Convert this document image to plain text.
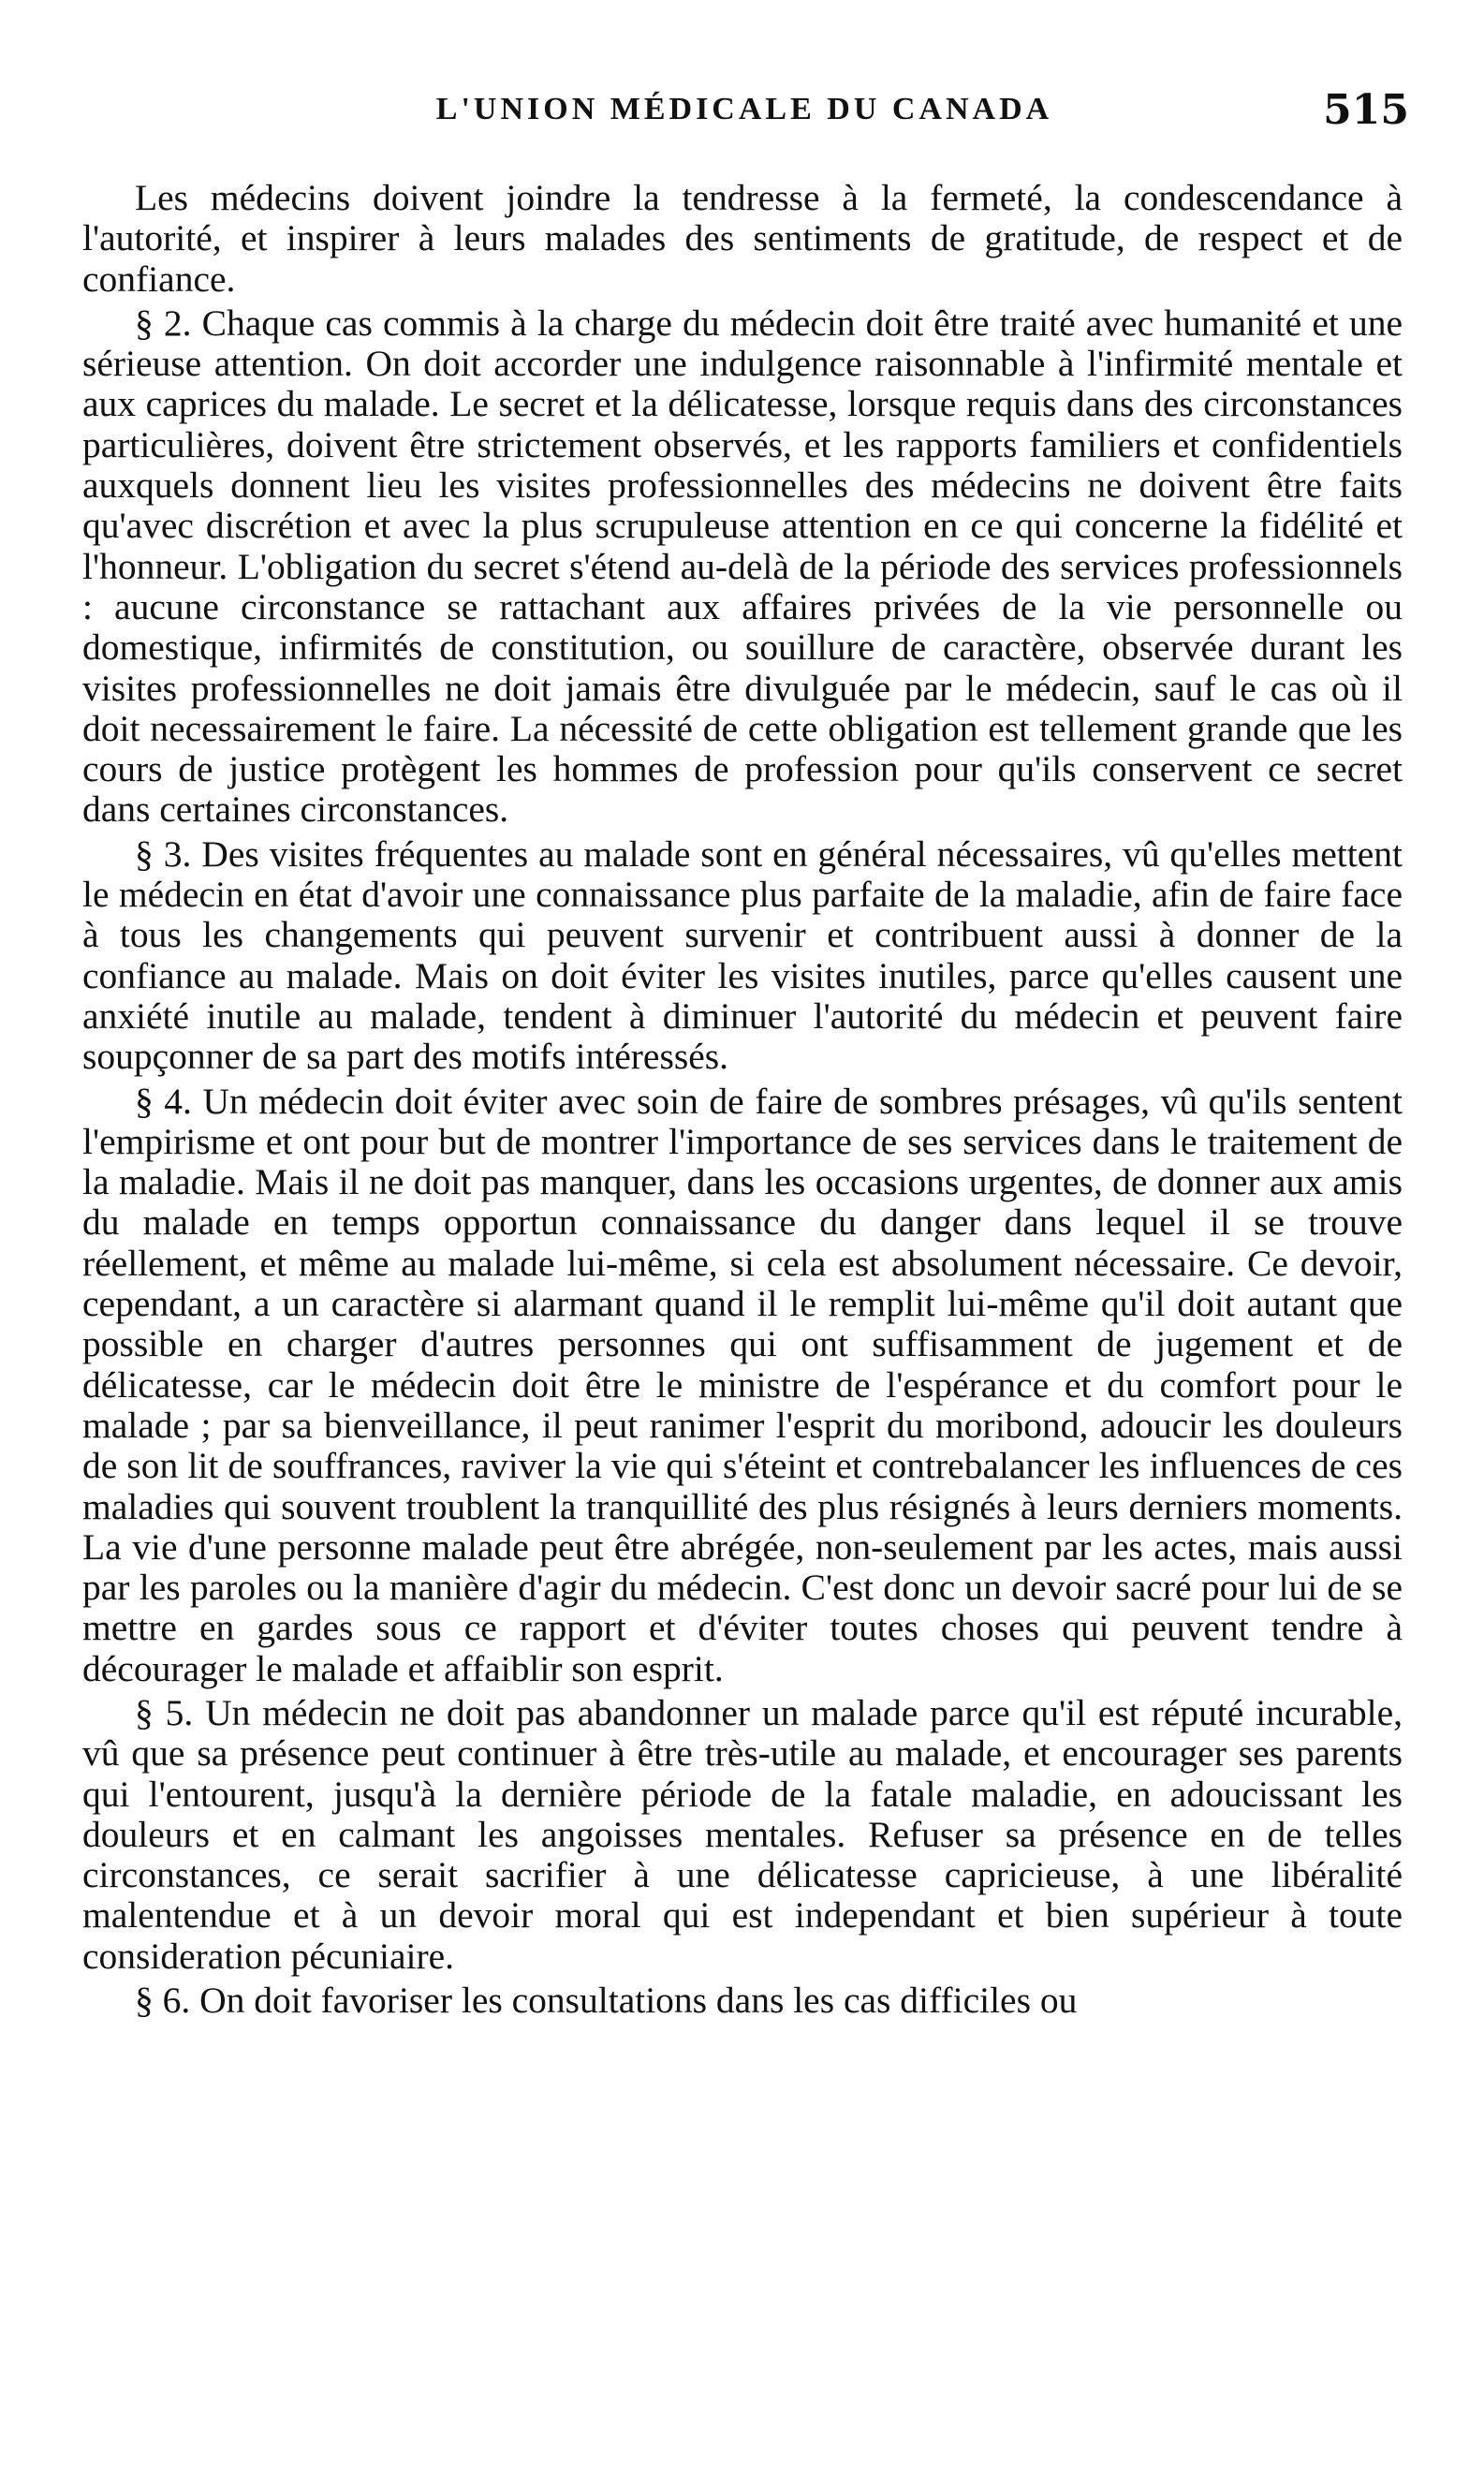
L'UNION MÉDICALE DU CANADA	515

Les médecins doivent joindre la tendresse à la fermeté, la condescendance à l'autorité, et inspirer à leurs malades des sentiments de gratitude, de respect et de confiance.

§ 2. Chaque cas commis à la charge du médecin doit être traité avec humanité et une sérieuse attention. On doit accorder une indulgence raisonnable à l'infirmité mentale et aux caprices du malade. Le secret et la délicatesse, lorsque requis dans des circonstances particulières, doivent être strictement observés, et les rapports familiers et confidentiels auxquels donnent lieu les visites professionnelles des médecins ne doivent être faits qu'avec discrétion et avec la plus scrupuleuse attention en ce qui concerne la fidélité et l'honneur. L'obligation du secret s'étend au-delà de la période des services professionnels : aucune circonstance se rattachant aux affaires privées de la vie personnelle ou domestique, infirmités de constitution, ou souillure de caractère, observée durant les visites professionnelles ne doit jamais être divulguée par le médecin, sauf le cas où il doit necessairement le faire. La nécessité de cette obligation est tellement grande que les cours de justice protègent les hommes de profession pour qu'ils conservent ce secret dans certaines circonstances.

§ 3. Des visites fréquentes au malade sont en général nécessaires, vû qu'elles mettent le médecin en état d'avoir une connaissance plus parfaite de la maladie, afin de faire face à tous les changements qui peuvent survenir et contribuent aussi à donner de la confiance au malade. Mais on doit éviter les visites inutiles, parce qu'elles causent une anxiété inutile au malade, tendent à diminuer l'autorité du médecin et peuvent faire soupçonner de sa part des motifs intéressés.

§ 4. Un médecin doit éviter avec soin de faire de sombres présages, vû qu'ils sentent l'empirisme et ont pour but de montrer l'importance de ses services dans le traitement de la maladie. Mais il ne doit pas manquer, dans les occasions urgentes, de donner aux amis du malade en temps opportun connaissance du danger dans lequel il se trouve réellement, et même au malade lui-même, si cela est absolument nécessaire. Ce devoir, cependant, a un caractère si alarmant quand il le remplit lui-même qu'il doit autant que possible en charger d'autres personnes qui ont suffisamment de jugement et de délicatesse, car le médecin doit être le ministre de l'espérance et du comfort pour le malade ; par sa bienveillance, il peut ranimer l'esprit du moribond, adoucir les douleurs de son lit de souffrances, raviver la vie qui s'éteint et contrebalancer les influences de ces maladies qui souvent troublent la tranquillité des plus résignés à leurs derniers moments. La vie d'une personne malade peut être abrégée, non-seulement par les actes, mais aussi par les paroles ou la manière d'agir du médecin. C'est donc un devoir sacré pour lui de se mettre en gardes sous ce rapport et d'éviter toutes choses qui peuvent tendre à décourager le malade et affaiblir son esprit.

§ 5. Un médecin ne doit pas abandonner un malade parce qu'il est réputé incurable, vû que sa présence peut continuer à être très-utile au malade, et encourager ses parents qui l'entourent, jusqu'à la dernière période de la fatale maladie, en adoucissant les douleurs et en calmant les angoisses mentales. Refuser sa présence en de telles circonstances, ce serait sacrifier à une délicatesse capricieuse, à une libéralité malentendue et à un devoir moral qui est independant et bien supérieur à toute consideration pécuniaire.

§ 6. On doit favoriser les consultations dans les cas difficiles ou
